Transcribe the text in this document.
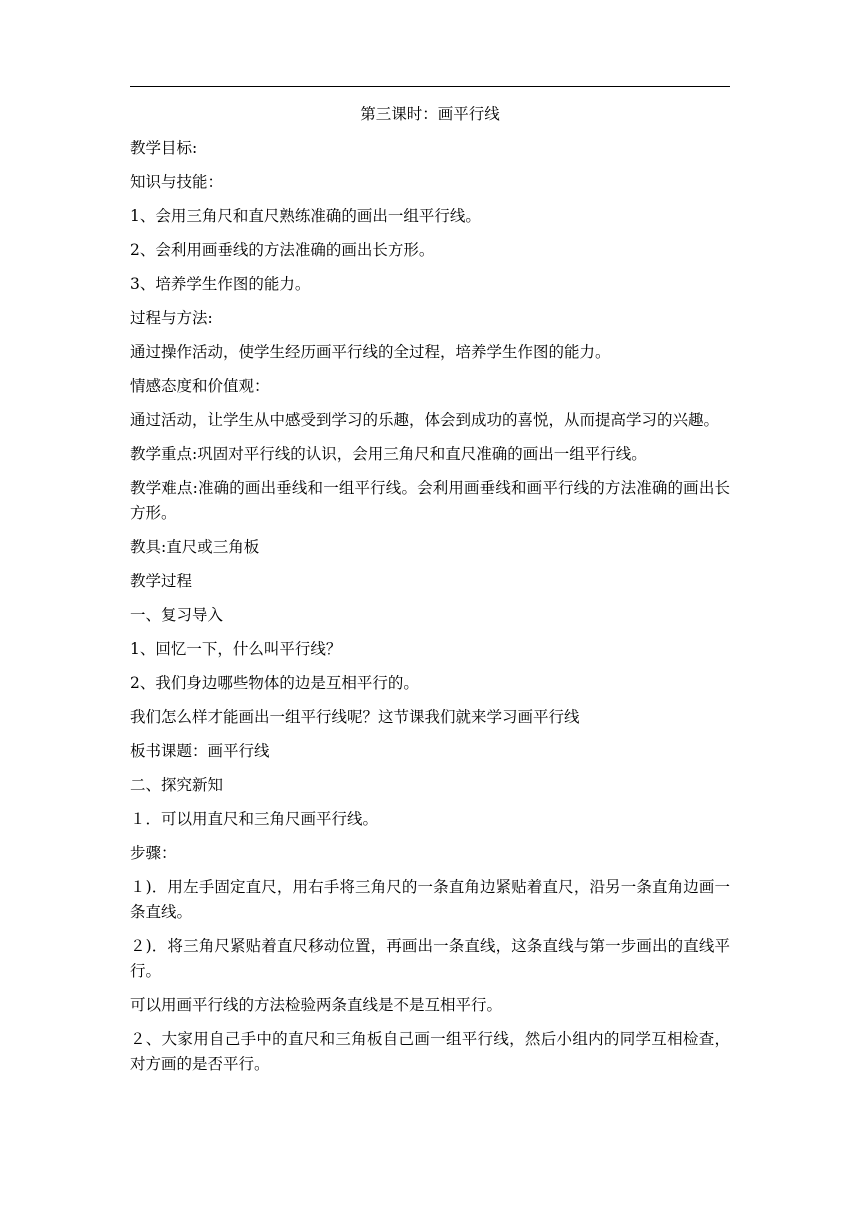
第三课时：画平行线

教学目标:

知识与技能：

1、会用三角尺和直尺熟练准确的画出一组平行线。

2、会利用画垂线的方法准确的画出长方形。

3、培养学生作图的能力。

过程与方法:

通过操作活动，使学生经历画平行线的全过程，培养学生作图的能力。

情感态度和价值观：

通过活动，让学生从中感受到学习的乐趣，体会到成功的喜悦，从而提高学习的兴趣。

教学重点:巩固对平行线的认识，会用三角尺和直尺准确的画出一组平行线。

教学难点:准确的画出垂线和一组平行线。会利用画垂线和画平行线的方法准确的画出长方形。

教具:直尺或三角板

教学过程

一、复习导入

1、回忆一下，什么叫平行线？

2、我们身边哪些物体的边是互相平行的。

我们怎么样才能画出一组平行线呢？这节课我们就来学习画平行线

板书课题：画平行线

二、探究新知

１．可以用直尺和三角尺画平行线。

步骤：

１)．用左手固定直尺，用右手将三角尺的一条直角边紧贴着直尺，沿另一条直角边画一条直线。

２)．将三角尺紧贴着直尺移动位置，再画出一条直线，这条直线与第一步画出的直线平行。

可以用画平行线的方法检验两条直线是不是互相平行。

２、大家用自己手中的直尺和三角板自己画一组平行线，然后小组内的同学互相检查，对方画的是否平行。
